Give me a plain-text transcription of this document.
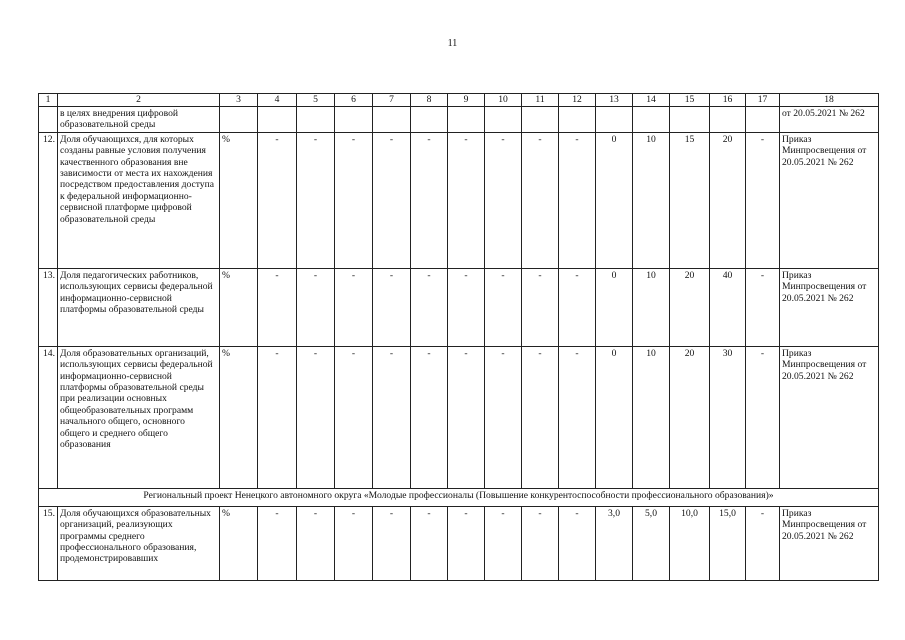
11
1	2	3	4	5	6	7	8	9	10	11	12	13	14	15	16	17	18
	в целях внедрения цифровой образовательной среды																от 20.05.2021 № 262
12.	Доля обучающихся, для которых созданы равные условия получения качественного образования вне зависимости от места их нахождения посредством предоставления доступа к федеральной информационно-сервисной платформе цифровой образовательной среды	%	-	-	-	-	-	-	-	-	-	0	10	15	20	-	Приказ Минпросвещения от 20.05.2021 № 262
13.	Доля педагогических работников, использующих сервисы федеральной информационно-сервисной платформы образовательной среды	%	-	-	-	-	-	-	-	-	-	0	10	20	40	-	Приказ Минпросвещения от 20.05.2021 № 262
14.	Доля образовательных организаций, использующих сервисы федеральной информационно-сервисной платформы образовательной среды при реализации основных общеобразовательных программ начального общего, основного общего и среднего общего образования	%	-	-	-	-	-	-	-	-	-	0	10	20	30	-	Приказ Минпросвещения от 20.05.2021 № 262
Региональный проект Ненецкого автономного округа «Молодые профессионалы (Повышение конкурентоспособности профессионального образования)»																	
15.	Доля обучающихся образовательных организаций, реализующих программы среднего профессионального образования, продемонстрировавших	%	-	-	-	-	-	-	-	-	-	3,0	5,0	10,0	15,0	-	Приказ Минпросвещения от 20.05.2021 № 262
